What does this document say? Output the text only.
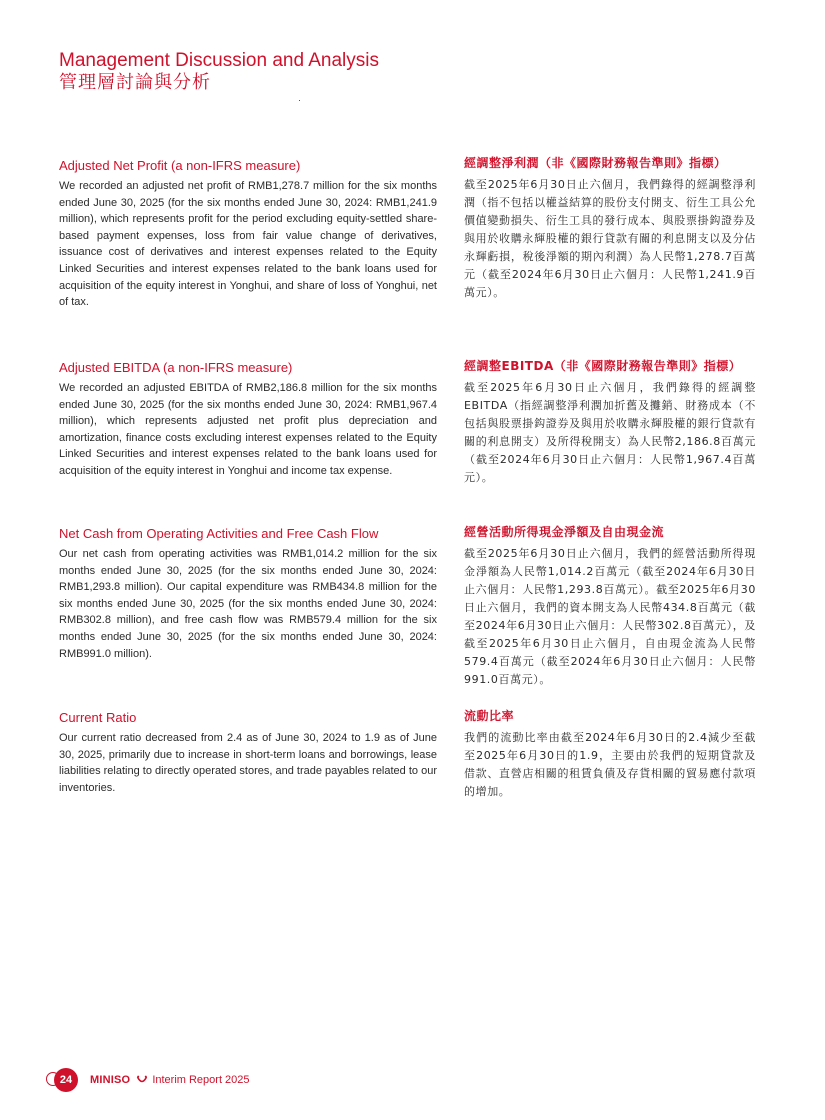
Management Discussion and Analysis
管理層討論與分析
Adjusted Net Profit (a non-IFRS measure)

We recorded an adjusted net profit of RMB1,278.7 million for the six months ended June 30, 2025 (for the six months ended June 30, 2024: RMB1,241.9 million), which represents profit for the period excluding equity-settled share-based payment expenses, loss from fair value change of derivatives, issuance cost of derivatives and interest expenses related to the Equity Linked Securities and interest expenses related to the bank loans used for acquisition of the equity interest in Yonghui, and share of loss of Yonghui, net of tax.

Adjusted EBITDA (a non-IFRS measure)

We recorded an adjusted EBITDA of RMB2,186.8 million for the six months ended June 30, 2025 (for the six months ended June 30, 2024: RMB1,967.4 million), which represents adjusted net profit plus depreciation and amortization, finance costs excluding interest expenses related to the Equity Linked Securities and interest expenses related to the bank loans used for acquisition of the equity interest in Yonghui and income tax expense.

Net Cash from Operating Activities and Free Cash Flow

Our net cash from operating activities was RMB1,014.2 million for the six months ended June 30, 2025 (for the six months ended June 30, 2024: RMB1,293.8 million). Our capital expenditure was RMB434.8 million for the six months ended June 30, 2025 (for the six months ended June 30, 2024: RMB302.8 million), and free cash flow was RMB579.4 million for the six months ended June 30, 2025 (for the six months ended June 30, 2024: RMB991.0 million).

Current Ratio

Our current ratio decreased from 2.4 as of June 30, 2024 to 1.9 as of June 30, 2025, primarily due to increase in short-term loans and borrowings, lease liabilities relating to directly operated stores, and trade payables related to our inventories.

經調整淨利潤（非《國際財務報告準則》指標）

截至2025年6月30日止六個月，我們錄得的經調整淨利潤（指不包括以權益結算的股份支付開支、衍生工具公允價值變動損失、衍生工具的發行成本、與股票掛鈎證券及與用於收購永輝股權的銀行貸款有關的利息開支以及分佔永輝虧損，稅後淨額的期內利潤）為人民幣1,278.7百萬元（截至2024年6月30日止六個月：人民幣1,241.9百萬元）。

經調整EBITDA（非《國際財務報告準則》指標）

截至2025年6月30日止六個月，我們錄得的經調整EBITDA（指經調整淨利潤加折舊及攤銷、財務成本（不包括與股票掛鈎證券及與用於收購永輝股權的銀行貸款有關的利息開支）及所得稅開支）為人民幣2,186.8百萬元（截至2024年6月30日止六個月：人民幣1,967.4百萬元）。

經營活動所得現金淨額及自由現金流

截至2025年6月30日止六個月，我們的經營活動所得現金淨額為人民幣1,014.2百萬元（截至2024年6月30日止六個月：人民幣1,293.8百萬元）。截至2025年6月30日止六個月，我們的資本開支為人民幣434.8百萬元（截至2024年6月30日止六個月：人民幣302.8百萬元），及截至2025年6月30日止六個月，自由現金流為人民幣579.4百萬元（截至2024年6月30日止六個月：人民幣991.0百萬元）。

流動比率

我們的流動比率由截至2024年6月30日的2.4減少至截至2025年6月30日的1.9，主要由於我們的短期貸款及借款、直營店相關的租賃負債及存貨相關的貿易應付款項的增加。

24	MINISO Interim Report 2025
